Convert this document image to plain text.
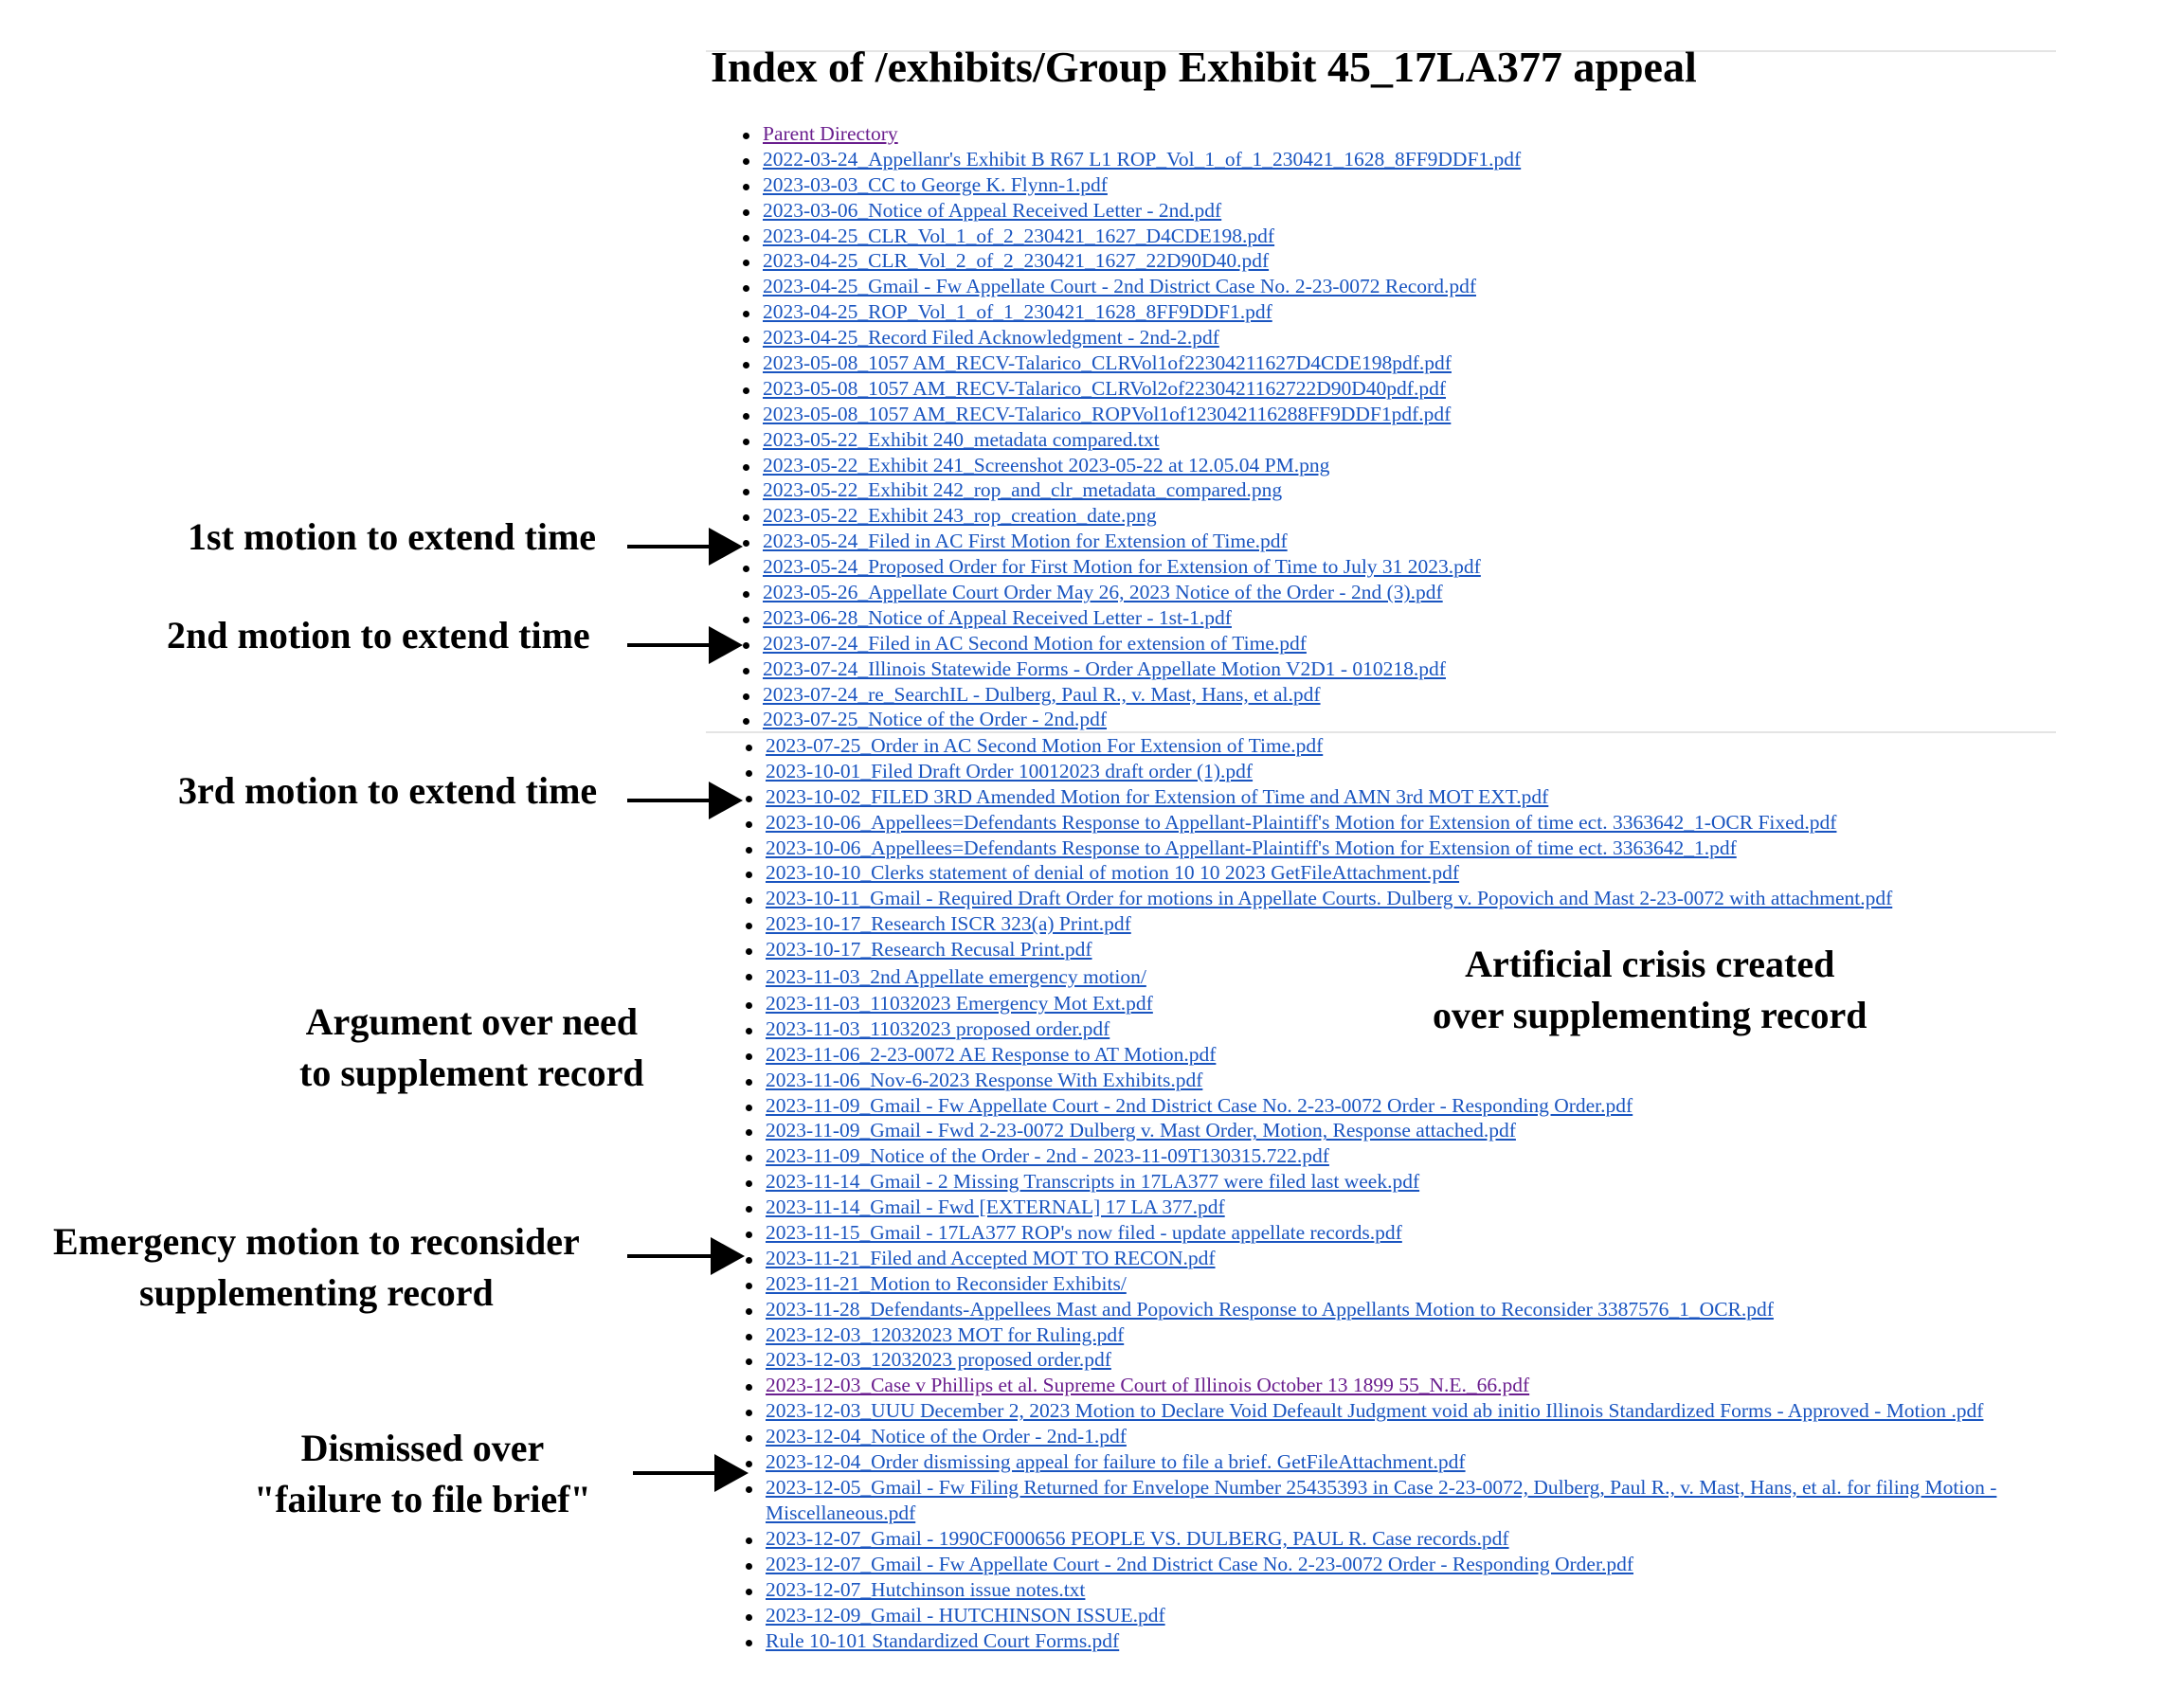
Index of /exhibits/Group Exhibit 45_17LA377 appeal
Parent Directory
2022-03-24_Appellanr's Exhibit B R67 L1 ROP_Vol_1_of_1_230421_1628_8FF9DDF1.pdf
2023-03-03_CC to George K. Flynn-1.pdf
2023-03-06_Notice of Appeal Received Letter - 2nd.pdf
2023-04-25_CLR_Vol_1_of_2_230421_1627_D4CDE198.pdf
2023-04-25_CLR_Vol_2_of_2_230421_1627_22D90D40.pdf
2023-04-25_Gmail - Fw Appellate Court - 2nd District Case No. 2-23-0072 Record.pdf
2023-04-25_ROP_Vol_1_of_1_230421_1628_8FF9DDF1.pdf
2023-04-25_Record Filed Acknowledgment - 2nd-2.pdf
2023-05-08_1057 AM_RECV-Talarico_CLRVol1of22304211627D4CDE198pdf.pdf
2023-05-08_1057 AM_RECV-Talarico_CLRVol2of2230421162722D90D40pdf.pdf
2023-05-08_1057 AM_RECV-Talarico_ROPVol1of123042116288FF9DDF1pdf.pdf
2023-05-22_Exhibit 240_metadata compared.txt
2023-05-22_Exhibit 241_Screenshot 2023-05-22 at 12.05.04 PM.png
2023-05-22_Exhibit 242_rop_and_clr_metadata_compared.png
2023-05-22_Exhibit 243_rop_creation_date.png
2023-05-24_Filed in AC First Motion for Extension of Time.pdf
2023-05-24_Proposed Order for First Motion for Extension of Time to July 31 2023.pdf
2023-05-26_Appellate Court Order May 26, 2023 Notice of the Order - 2nd (3).pdf
2023-06-28_Notice of Appeal Received Letter - 1st-1.pdf
2023-07-24_Filed in AC Second Motion for extension of Time.pdf
2023-07-24_Illinois Statewide Forms - Order Appellate Motion V2D1 - 010218.pdf
2023-07-24_re_SearchIL - Dulberg, Paul R., v. Mast, Hans, et al.pdf
2023-07-25_Notice of the Order - 2nd.pdf
2023-07-25_Order in AC Second Motion For Extension of Time.pdf
2023-10-01_Filed Draft Order 10012023 draft order (1).pdf
2023-10-02_FILED 3RD Amended Motion for Extension of Time and AMN 3rd MOT EXT.pdf
2023-10-06_Appellees=Defendants Response to Appellant-Plaintiff's Motion for Extension of time ect. 3363642_1-OCR Fixed.pdf
2023-10-06_Appellees=Defendants Response to Appellant-Plaintiff's Motion for Extension of time ect. 3363642_1.pdf
2023-10-10_Clerks statement of denial of motion 10 10 2023 GetFileAttachment.pdf
2023-10-11_Gmail - Required Draft Order for motions in Appellate Courts. Dulberg v. Popovich and Mast 2-23-0072 with attachment.pdf
2023-10-17_Research ISCR 323(a) Print.pdf
2023-10-17_Research Recusal Print.pdf
2023-11-03_2nd Appellate emergency motion/
2023-11-03_11032023 Emergency Mot Ext.pdf
2023-11-03_11032023 proposed order.pdf
2023-11-06_2-23-0072 AE Response to AT Motion.pdf
2023-11-06_Nov-6-2023 Response With Exhibits.pdf
2023-11-09_Gmail - Fw Appellate Court - 2nd District Case No. 2-23-0072 Order - Responding Order.pdf
2023-11-09_Gmail - Fwd 2-23-0072 Dulberg v. Mast Order, Motion, Response attached.pdf
2023-11-09_Notice of the Order - 2nd - 2023-11-09T130315.722.pdf
2023-11-14_Gmail - 2 Missing Transcripts in 17LA377 were filed last week.pdf
2023-11-14_Gmail - Fwd [EXTERNAL] 17 LA 377.pdf
2023-11-15_Gmail - 17LA377 ROP's now filed - update appellate records.pdf
2023-11-21_Filed and Accepted MOT TO RECON.pdf
2023-11-21_Motion to Reconsider Exhibits/
2023-11-28_Defendants-Appellees Mast and Popovich Response to Appellants Motion to Reconsider 3387576_1_OCR.pdf
2023-12-03_12032023 MOT for Ruling.pdf
2023-12-03_12032023 proposed order.pdf
2023-12-03_Case v Phillips et al. Supreme Court of Illinois October 13 1899 55_N.E._66.pdf
2023-12-03_UUU December 2, 2023 Motion to Declare Void Defeault Judgment void ab initio Illinois Standardized Forms - Approved - Motion .pdf
2023-12-04_Notice of the Order - 2nd-1.pdf
2023-12-04_Order dismissing appeal for failure to file a brief. GetFileAttachment.pdf
2023-12-05_Gmail - Fw Filing Returned for Envelope Number 25435393 in Case 2-23-0072, Dulberg, Paul R., v. Mast, Hans, et al. for filing Motion - Miscellaneous.pdf
2023-12-07_Gmail - 1990CF000656 PEOPLE VS. DULBERG, PAUL R. Case records.pdf
2023-12-07_Gmail - Fw Appellate Court - 2nd District Case No. 2-23-0072 Order - Responding Order.pdf
2023-12-07_Hutchinson issue notes.txt
2023-12-09_Gmail - HUTCHINSON ISSUE.pdf
Rule 10-101 Standardized Court Forms.pdf
1st motion to extend time
2nd motion to extend time
3rd motion to extend time
Argument over need
to supplement record
Artificial crisis created
over supplementing record
Emergency motion to reconsider
supplementing record
Dismissed over
"failure to file brief"
